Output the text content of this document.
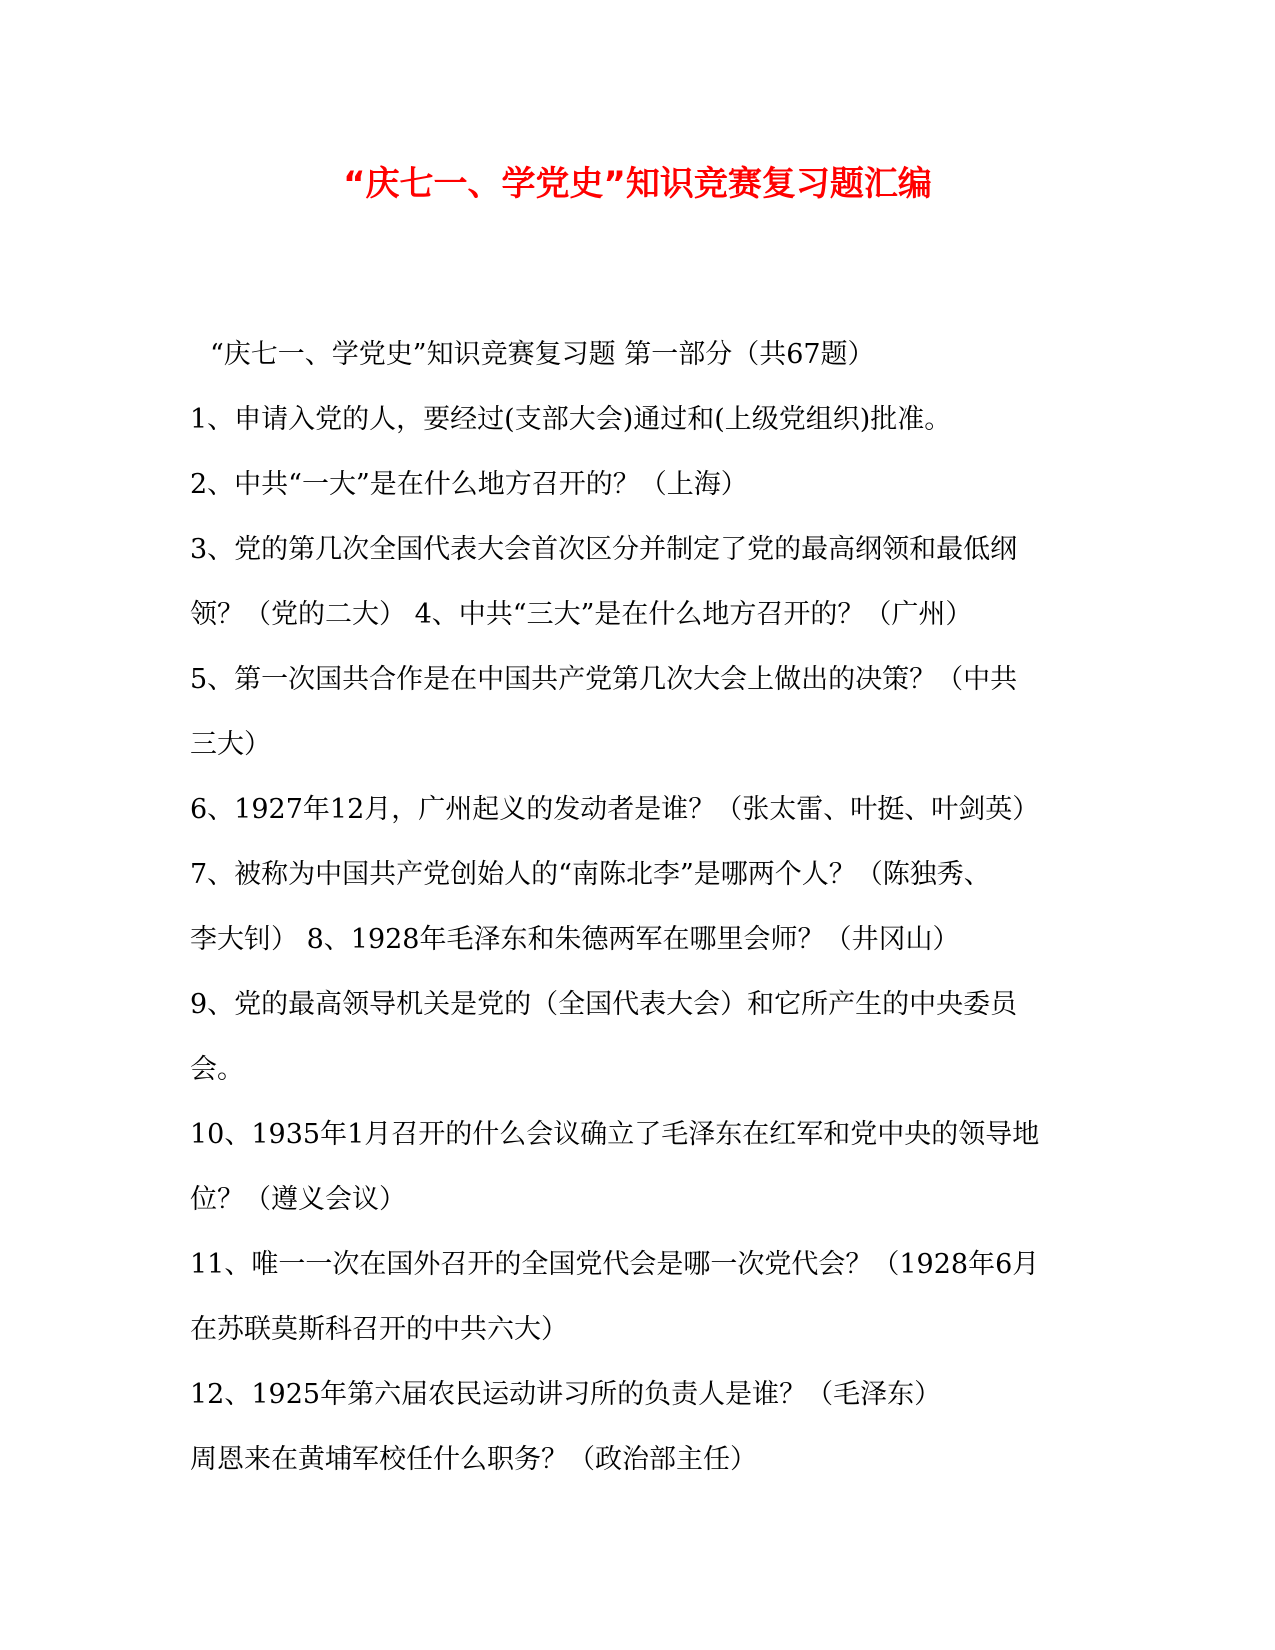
“庆七一、学党史”知识竞赛复习题汇编

“庆七一、学党史”知识竞赛复习题 第一部分（共67题）

1、申请入党的人，要经过(支部大会)通过和(上级党组织)批准。

2、中共“一大”是在什么地方召开的？（上海）

3、党的第几次全国代表大会首次区分并制定了党的最高纲领和最低纲

领？（党的二大） 4、中共“三大”是在什么地方召开的？（广州）

5、第一次国共合作是在中国共产党第几次大会上做出的决策？（中共

三大）

6、1927年12月，广州起义的发动者是谁？（张太雷、叶挺、叶剑英）

7、被称为中国共产党创始人的“南陈北李”是哪两个人？（陈独秀、

李大钊） 8、1928年毛泽东和朱德两军在哪里会师？（井冈山）

9、党的最高领导机关是党的（全国代表大会）和它所产生的中央委员

会。

10、1935年1月召开的什么会议确立了毛泽东在红军和党中央的领导地

位？（遵义会议）

11、唯一一次在国外召开的全国党代会是哪一次党代会？（1928年6月

在苏联莫斯科召开的中共六大）

12、1925年第六届农民运动讲习所的负责人是谁？（毛泽东）

周恩来在黄埔军校任什么职务？（政治部主任）
